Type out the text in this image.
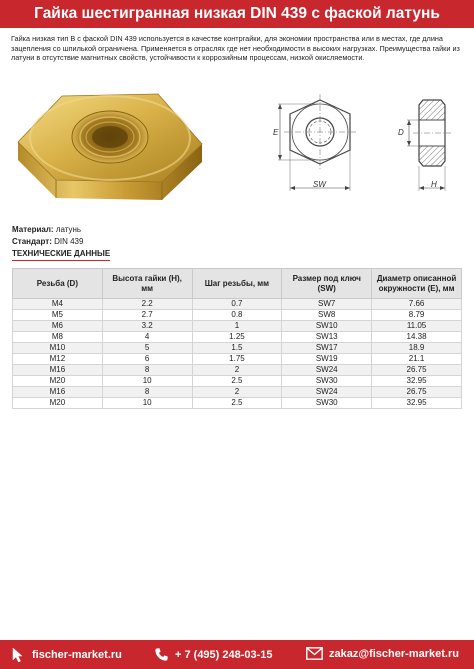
Гайка шестигранная низкая DIN 439 с фаской латунь
Гайка низкая тип B с фаской DIN 439 используется в качестве контргайки, для экономии пространства или в местах, где длина зацепления со шпилькой ограничена. Применяется в отраслях где нет необходимости в высоких нагрузках. Преимущества гайки из латуни в отсутствие магнитных свойств, устойчивости к коррозийным процессам, низкой окисляемости.
E
SW
D
H
Материал: латунь
Стандарт: DIN 439
ТЕХНИЧЕСКИЕ ДАННЫЕ
Резьба (D)	Высота гайки (H), мм	Шаг резьбы, мм	Размер под ключ (SW)	Диаметр описанной окружности (E), мм
M4	2.2	0.7	SW7	7.66
M5	2.7	0.8	SW8	8.79
M6	3.2	1	SW10	11.05
M8	4	1.25	SW13	14.38
M10	5	1.5	SW17	18.9
M12	6	1.75	SW19	21.1
M16	8	2	SW24	26.75
M20	10	2.5	SW30	32.95
M16	8	2	SW24	26.75
M20	10	2.5	SW30	32.95
fischer-market.ru	+ 7 (495) 248-03-15	zakaz@fischer-market.ru
